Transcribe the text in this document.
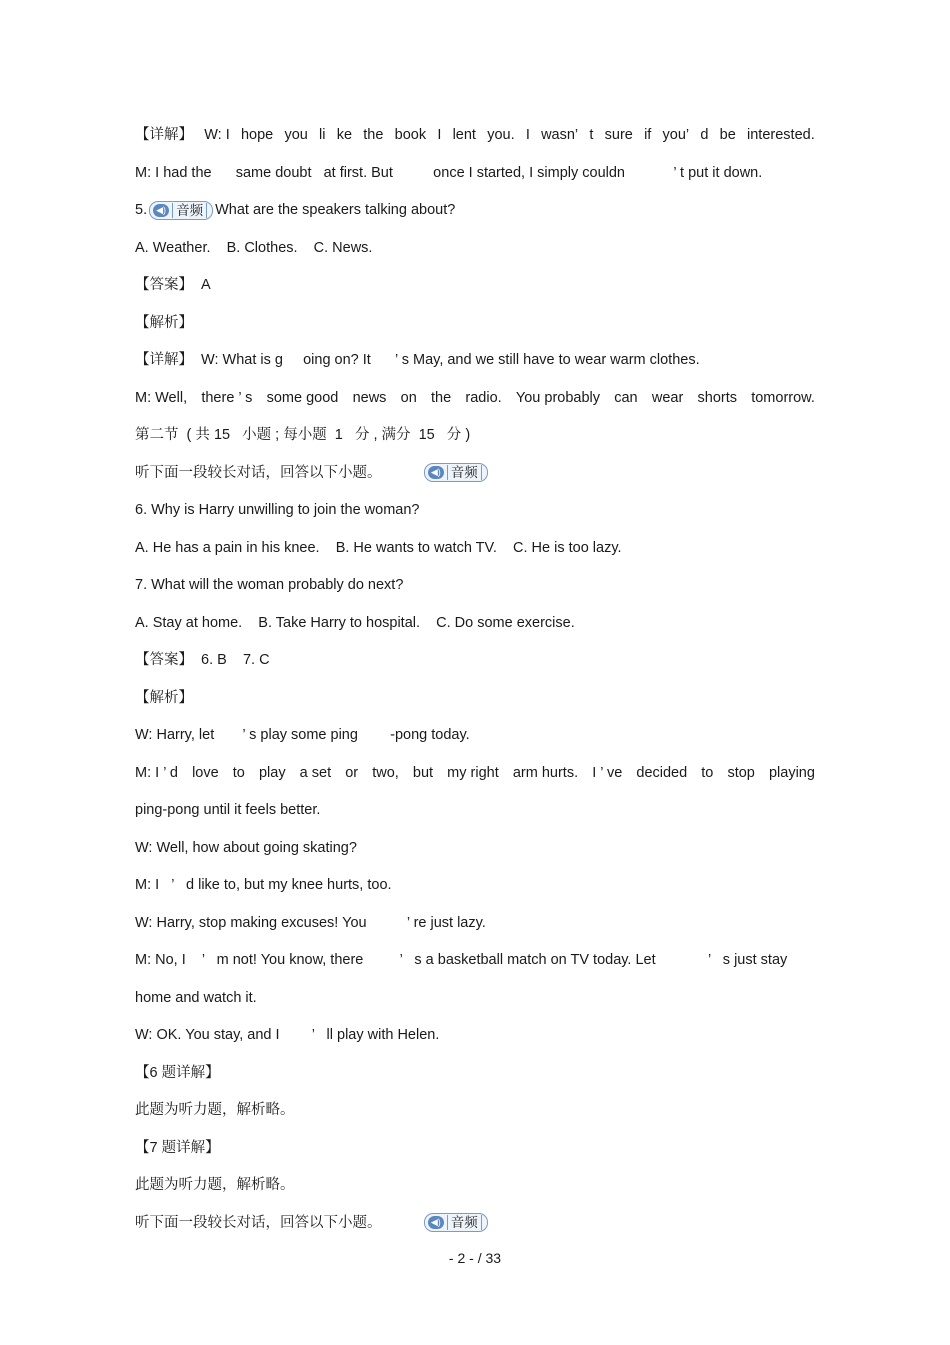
【详解】 W: I hope you li ke the book I lent you. I wasn’ t sure if you’ d be interested.
M: I had the      same doubt   at first. But          once I started, I simply couldn            ’ t put it down.
5.	◀) 音频 What are the speakers talking about?
A. Weather.    B. Clothes.    C. News.
【答案】  A
【解析】
【详解】  W: What is g     oing on? It      ’ s May, and we still have to wear warm clothes.
M: Well, there ’ s some good news on the radio. You probably can wear shorts tomorrow.
第二节  ( 共 15   小题 ; 每小题  1   分 , 满分  15   分 )
听下面一段较长对话，回答以下小题。	◀) 音频
6. Why is Harry unwilling to join the woman?
A. He has a pain in his knee.    B. He wants to watch TV.    C. He is too lazy.
7. What will the woman probably do next?
A. Stay at home.    B. Take Harry to hospital.    C. Do some exercise.
【答案】  6. B    7. C
【解析】
W: Harry, let       ’ s play some ping        -pong today.
M: I ’ d love to play a set or two, but my right arm hurts. I ’ ve decided to stop playing
ping-pong until it feels better.
W: Well, how about going skating?
M: I   ’   d like to, but my knee hurts, too.
W: Harry, stop making excuses! You          ’ re just lazy.
M: No, I    ’   m not! You know, there         ’   s a basketball match on TV today. Let             ’   s just stay
home and watch it.
W: OK. You stay, and I        ’   ll play with Helen.
【6 题详解】
此题为听力题，解析略。
【7 题详解】
此题为听力题，解析略。
听下面一段较长对话，回答以下小题。	◀) 音频
- 2 - / 33
